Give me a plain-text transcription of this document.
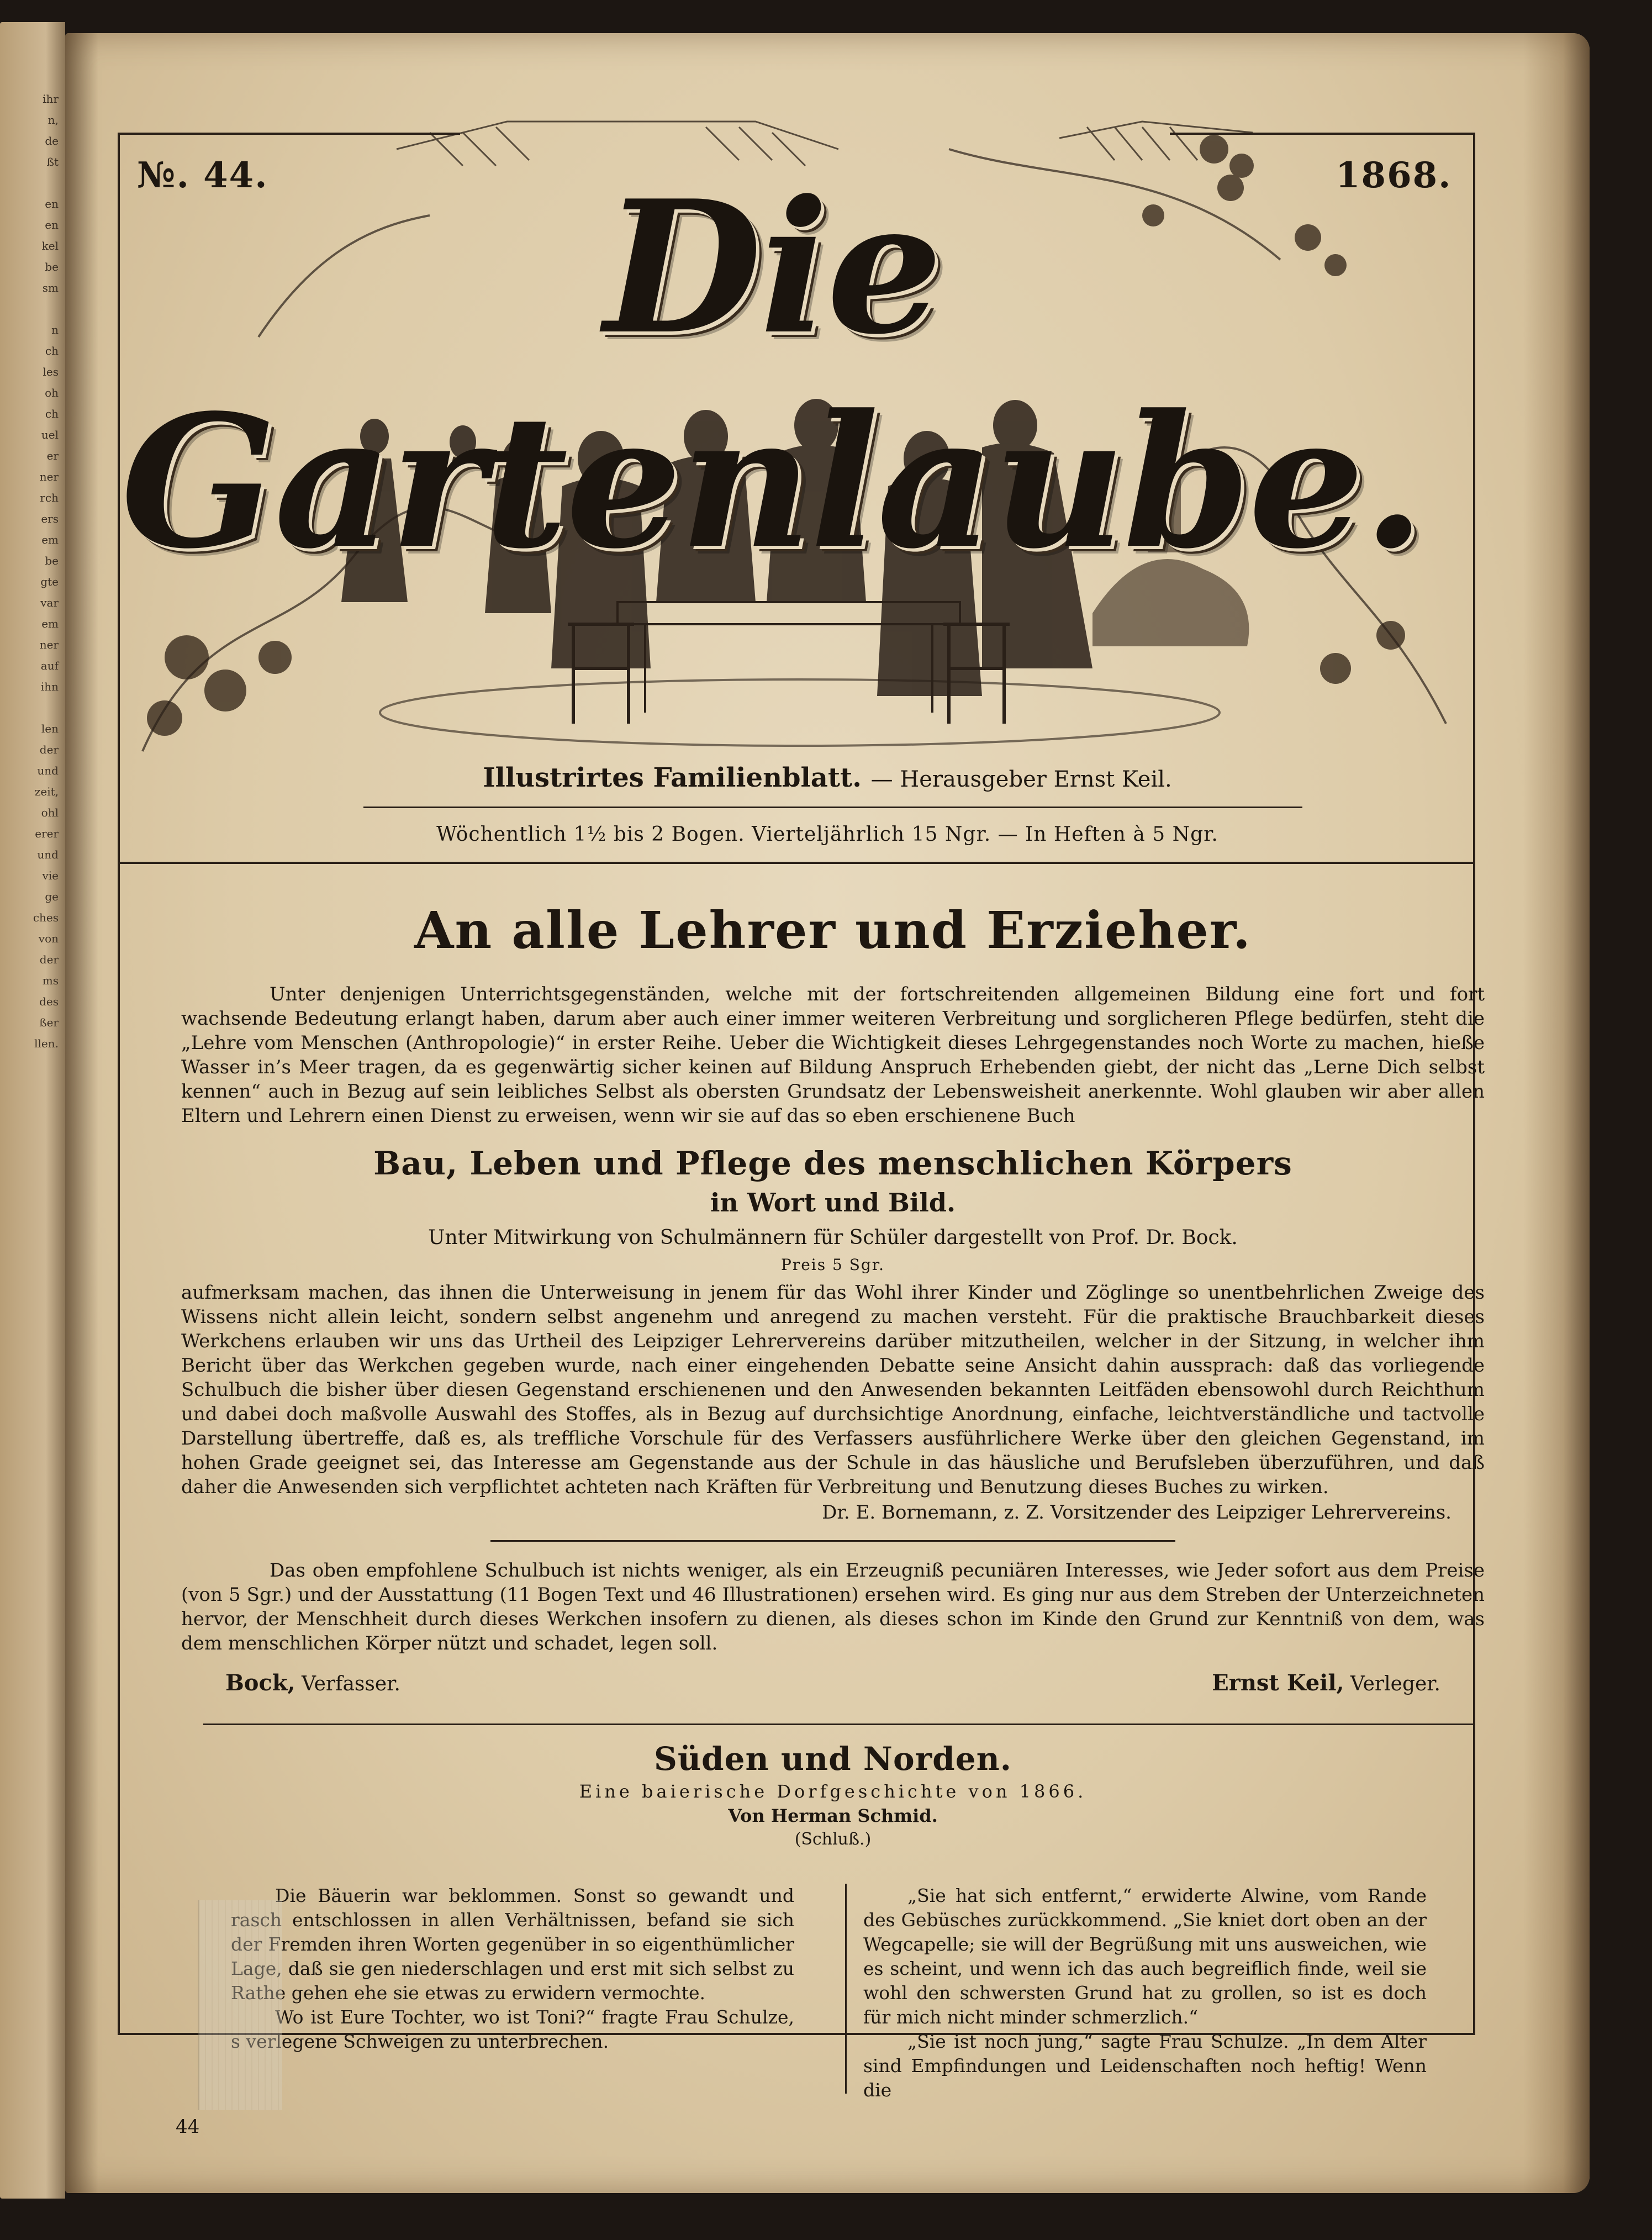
ihr
n,
de
ßt

en
en
kel
be
sm

n
ch
les
oh
ch
uel
er
ner
rch
ers
em
be
gte
var
em
ner
auf
ihn

len
der
und
zeit,
ohl
erer
und
vie
ge
ches
von
der
ms
des
ßer
llen.
№. 44.	1868.
Die Gartenlaube.
Illustrirtes Familienblatt. — Herausgeber Ernst Keil.
Wöchentlich 1½ bis 2 Bogen. Vierteljährlich 15 Ngr. — In Heften à 5 Ngr.
An alle Lehrer und Erzieher.
Unter denjenigen Unterrichtsgegenständen, welche mit der fortschreitenden allgemeinen Bildung eine fort und fort wachsende Bedeutung erlangt haben, darum aber auch einer immer weiteren Verbreitung und sorglicheren Pflege bedürfen, steht die „Lehre vom Menschen (Anthropologie)“ in erster Reihe. Ueber die Wichtigkeit dieses Lehrgegenstandes noch Worte zu machen, hieße Wasser in’s Meer tragen, da es gegenwärtig sicher keinen auf Bildung Anspruch Erhebenden giebt, der nicht das „Lerne Dich selbst kennen“ auch in Bezug auf sein leibliches Selbst als obersten Grundsatz der Lebensweisheit anerkennte. Wohl glauben wir aber allen Eltern und Lehrern einen Dienst zu erweisen, wenn wir sie auf das so eben erschienene Buch
Bau, Leben und Pflege des menschlichen Körpers
in Wort und Bild.
Unter Mitwirkung von Schulmännern für Schüler dargestellt von Prof. Dr. Bock.
Preis 5 Sgr.
aufmerksam machen, das ihnen die Unterweisung in jenem für das Wohl ihrer Kinder und Zöglinge so unentbehrlichen Zweige des Wissens nicht allein leicht, sondern selbst angenehm und anregend zu machen versteht. Für die praktische Brauchbarkeit dieses Werkchens erlauben wir uns das Urtheil des Leipziger Lehrervereins darüber mitzutheilen, welcher in der Sitzung, in welcher ihm Bericht über das Werkchen gegeben wurde, nach einer eingehenden Debatte seine Ansicht dahin aussprach: daß das vorliegende Schulbuch die bisher über diesen Gegenstand erschienenen und den Anwesenden bekannten Leitfäden ebensowohl durch Reichthum und dabei doch maßvolle Auswahl des Stoffes, als in Bezug auf durchsichtige Anordnung, einfache, leichtverständliche und tactvolle Darstellung übertreffe, daß es, als treffliche Vorschule für des Verfassers ausführlichere Werke über den gleichen Gegenstand, im hohen Grade geeignet sei, das Interesse am Gegenstande aus der Schule in das häusliche und Berufsleben überzuführen, und daß daher die Anwesenden sich verpflichtet achteten nach Kräften für Verbreitung und Benutzung dieses Buches zu wirken.
Dr. E. Bornemann, z. Z. Vorsitzender des Leipziger Lehrervereins.
Das oben empfohlene Schulbuch ist nichts weniger, als ein Erzeugniß pecuniären Interesses, wie Jeder sofort aus dem Preise (von 5 Sgr.) und der Ausstattung (11 Bogen Text und 46 Illustrationen) ersehen wird. Es ging nur aus dem Streben der Unterzeichneten hervor, der Menschheit durch dieses Werkchen insofern zu dienen, als dieses schon im Kinde den Grund zur Kenntniß von dem, was dem menschlichen Körper nützt und schadet, legen soll.
Bock, Verfasser.	Ernst Keil, Verleger.
Süden und Norden.
Eine baierische Dorfgeschichte von 1866.
Von Herman Schmid.
(Schluß.)

Die Bäuerin war beklommen. Sonst so gewandt und rasch entschlossen in allen Verhältnissen, befand sie sich der Fremden ihren Worten gegenüber in so eigenthümlicher Lage, daß sie gen niederschlagen und erst mit sich selbst zu Rathe gehen ehe sie etwas zu erwidern vermochte.

Wo ist Eure Tochter, wo ist Toni?“ fragte Frau Schulze, s verlegene Schweigen zu unterbrechen.

„Sie hat sich entfernt,“ erwiderte Alwine, vom Rande des Gebüsches zurückkommend. „Sie kniet dort oben an der Wegcapelle; sie will der Begrüßung mit uns ausweichen, wie es scheint, und wenn ich das auch begreiflich finde, weil sie wohl den schwersten Grund hat zu grollen, so ist es doch für mich nicht minder schmerzlich.“

„Sie ist noch jung,“ sagte Frau Schulze. „In dem Alter sind Empfindungen und Leidenschaften noch heftig! Wenn die

44
